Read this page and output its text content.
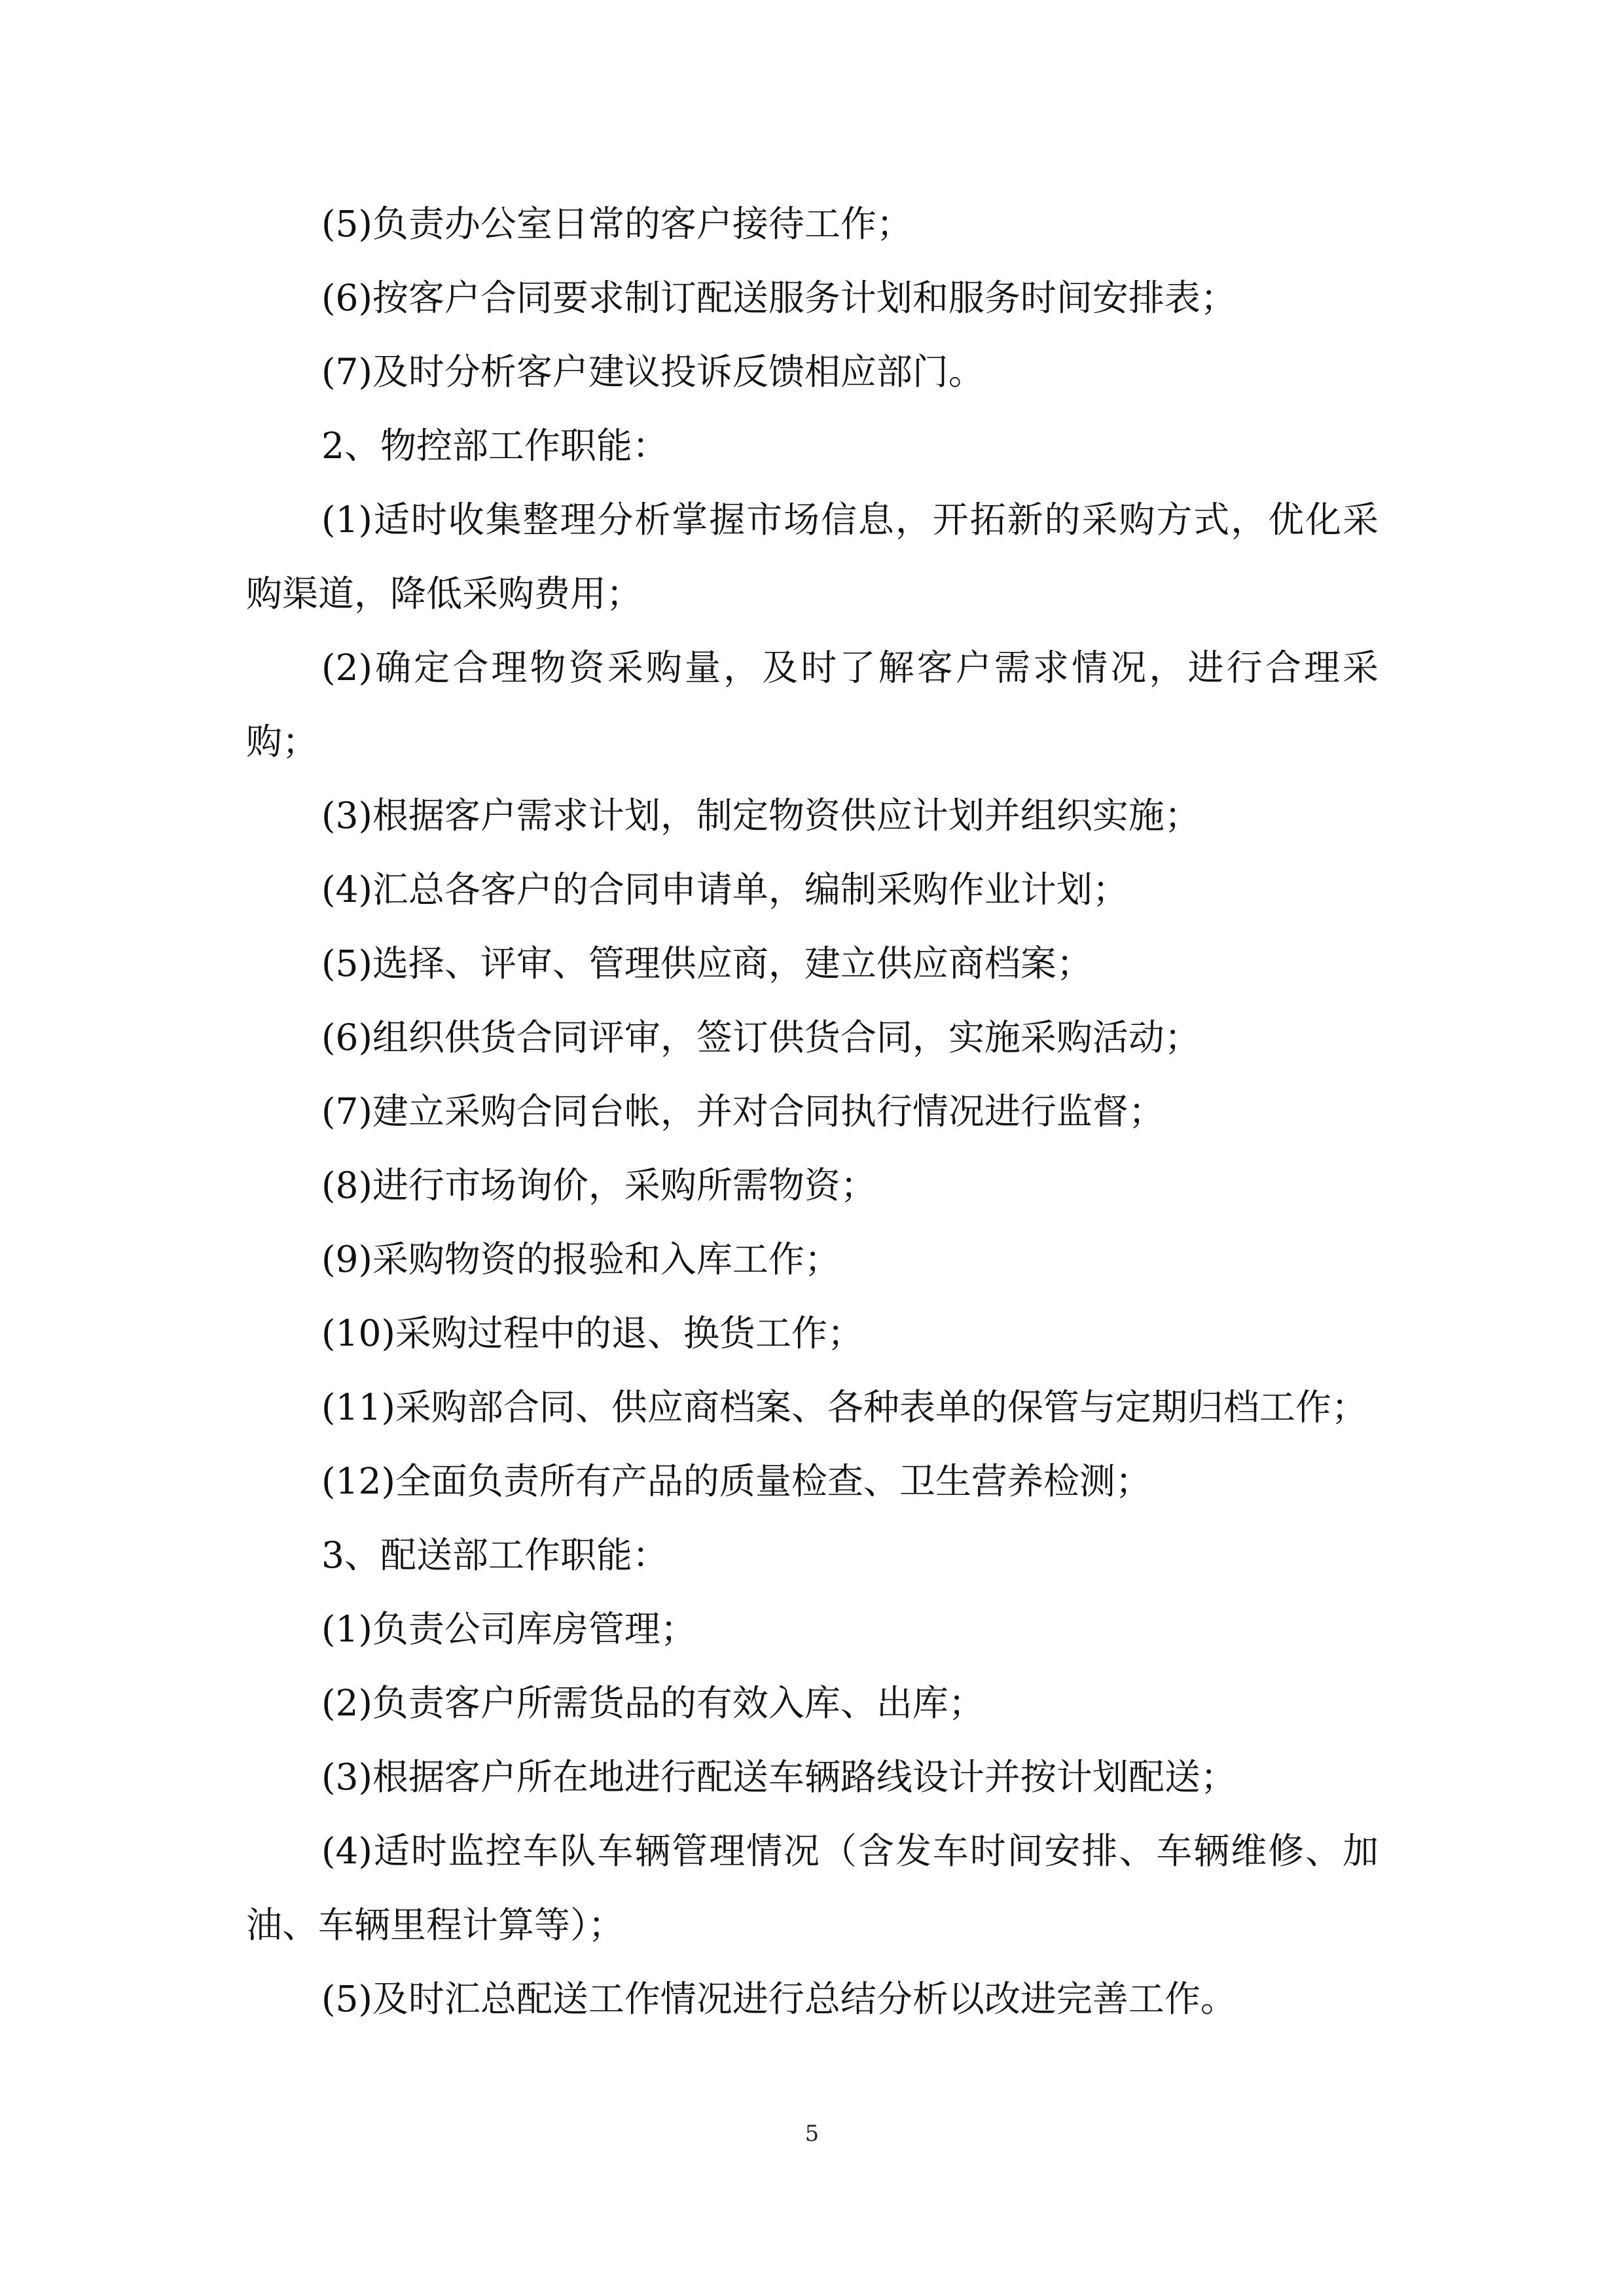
(5)负责办公室日常的客户接待工作；

(6)按客户合同要求制订配送服务计划和服务时间安排表；

(7)及时分析客户建议投诉反馈相应部门。

2、物控部工作职能：

(1)适时收集整理分析掌握市场信息，开拓新的采购方式，优化采购渠道，降低采购费用；

(2)确定合理物资采购量，及时了解客户需求情况，进行合理采购；

(3)根据客户需求计划，制定物资供应计划并组织实施；

(4)汇总各客户的合同申请单，编制采购作业计划；

(5)选择、评审、管理供应商，建立供应商档案；

(6)组织供货合同评审，签订供货合同，实施采购活动；

(7)建立采购合同台帐，并对合同执行情况进行监督；

(8)进行市场询价，采购所需物资；

(9)采购物资的报验和入库工作；

(10)采购过程中的退、换货工作；

(11)采购部合同、供应商档案、各种表单的保管与定期归档工作；

(12)全面负责所有产品的质量检查、卫生营养检测；

3、配送部工作职能：

(1)负责公司库房管理；

(2)负责客户所需货品的有效入库、出库；

(3)根据客户所在地进行配送车辆路线设计并按计划配送；

(4)适时监控车队车辆管理情况（含发车时间安排、车辆维修、加油、车辆里程计算等）；

(5)及时汇总配送工作情况进行总结分析以改进完善工作。

5
